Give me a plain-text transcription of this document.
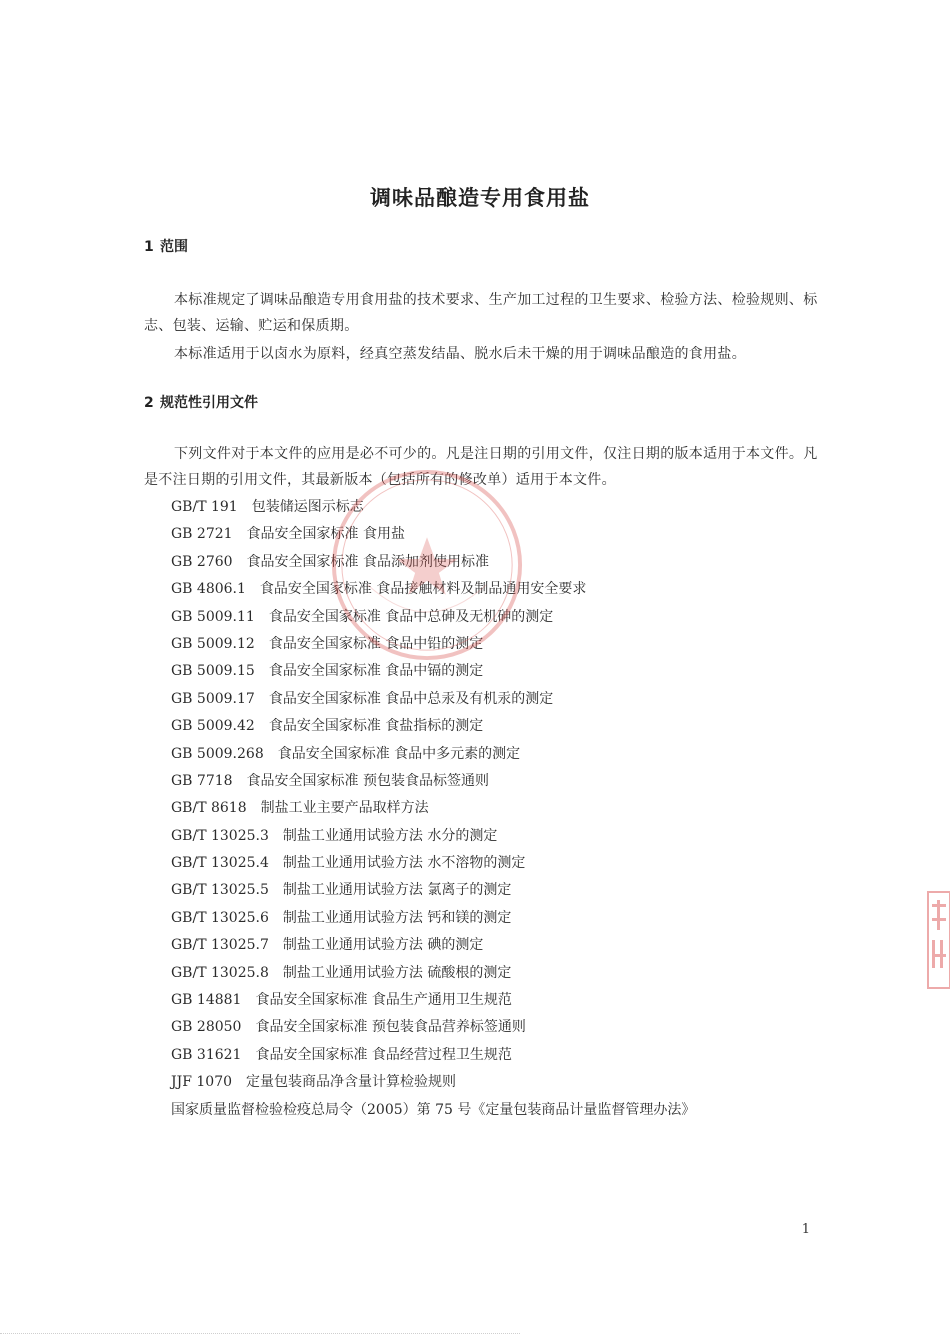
调味品酿造专用食用盐
1 范围

本标准规定了调味品酿造专用食用盐的技术要求、生产加工过程的卫生要求、检验方法、检验规则、标志、包装、运输、贮运和保质期。

本标准适用于以卤水为原料，经真空蒸发结晶、脱水后未干燥的用于调味品酿造的食用盐。

2 规范性引用文件

下列文件对于本文件的应用是必不可少的。凡是注日期的引用文件，仅注日期的版本适用于本文件。凡是不注日期的引用文件，其最新版本（包括所有的修改单）适用于本文件。

GB/T 191 包装储运图示标志
GB 2721 食品安全国家标准 食用盐
GB 2760 食品安全国家标准 食品添加剂使用标准
GB 4806.1 食品安全国家标准 食品接触材料及制品通用安全要求
GB 5009.11 食品安全国家标准 食品中总砷及无机砷的测定
GB 5009.12 食品安全国家标准 食品中铅的测定
GB 5009.15 食品安全国家标准 食品中镉的测定
GB 5009.17 食品安全国家标准 食品中总汞及有机汞的测定
GB 5009.42 食品安全国家标准 食盐指标的测定
GB 5009.268 食品安全国家标准 食品中多元素的测定
GB 7718 食品安全国家标准 预包装食品标签通则
GB/T 8618 制盐工业主要产品取样方法
GB/T 13025.3 制盐工业通用试验方法 水分的测定
GB/T 13025.4 制盐工业通用试验方法 水不溶物的测定
GB/T 13025.5 制盐工业通用试验方法 氯离子的测定
GB/T 13025.6 制盐工业通用试验方法 钙和镁的测定
GB/T 13025.7 制盐工业通用试验方法 碘的测定
GB/T 13025.8 制盐工业通用试验方法 硫酸根的测定
GB 14881 食品安全国家标准 食品生产通用卫生规范
GB 28050 食品安全国家标准 预包装食品营养标签通则
GB 31621 食品安全国家标准 食品经营过程卫生规范
JJF 1070 定量包装商品净含量计算检验规则
国家质量监督检验检疫总局令（2005）第 75 号《定量包装商品计量监督管理办法》
1
